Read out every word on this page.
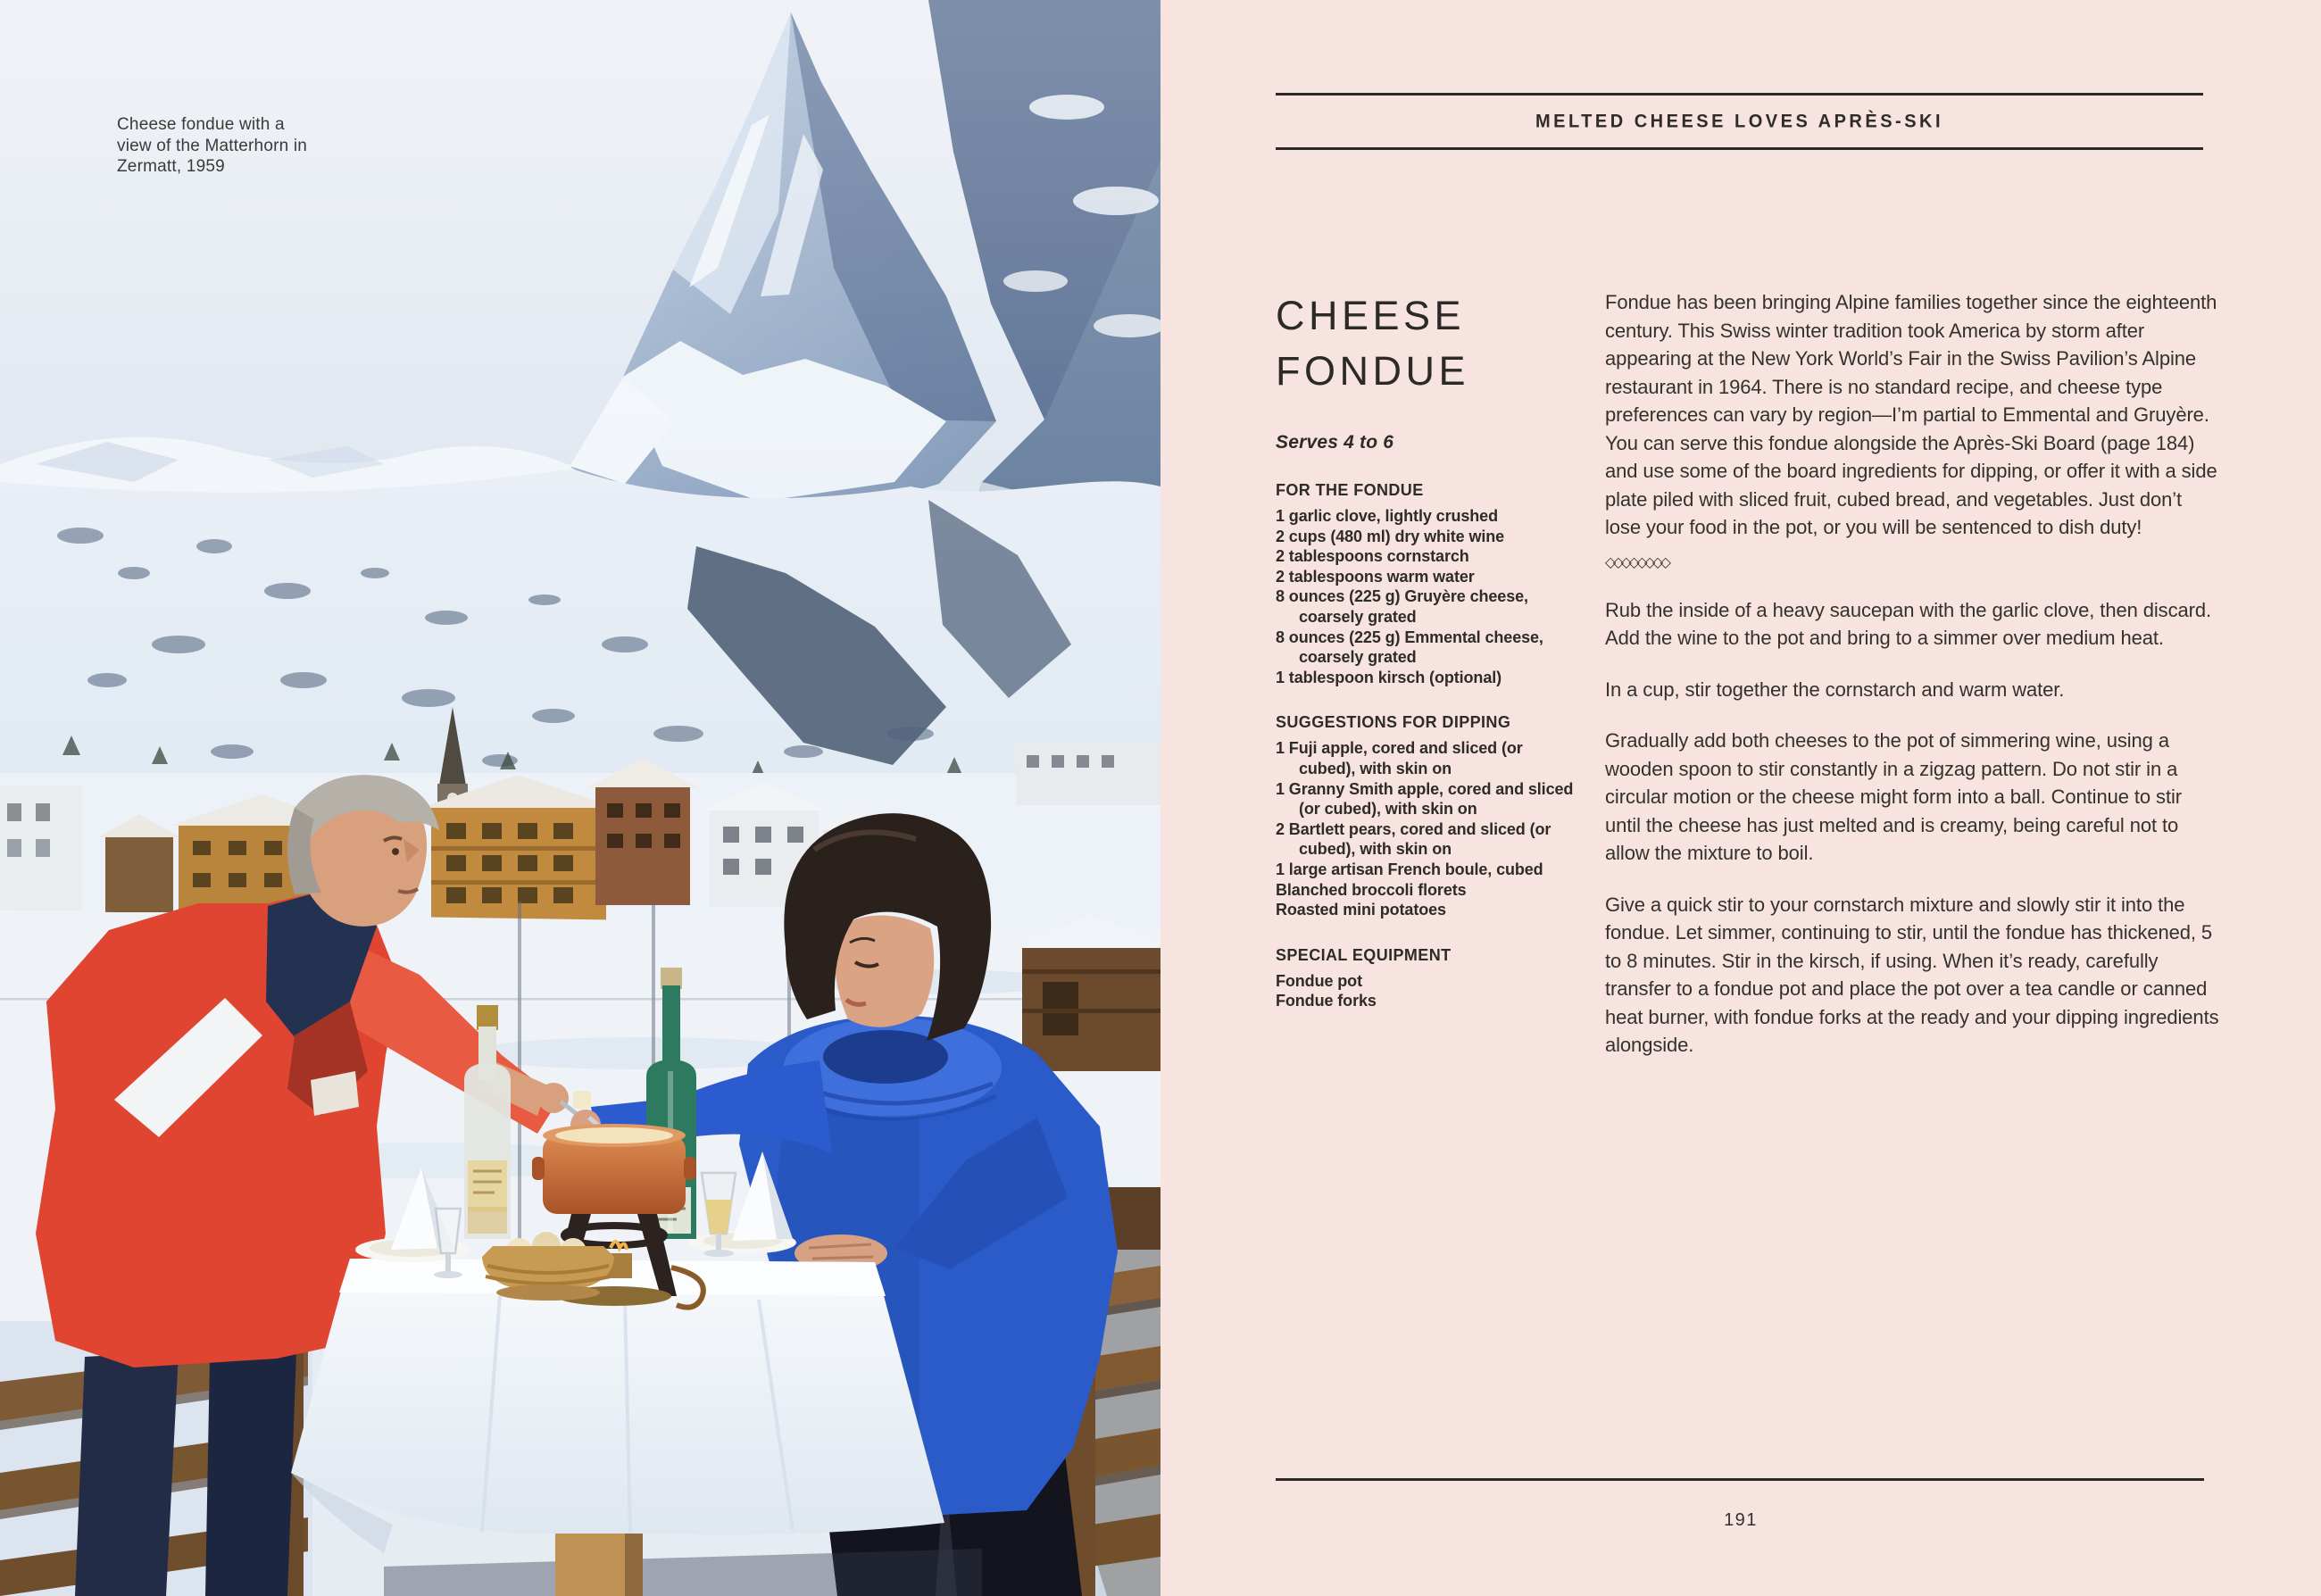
Cheese fondue with a
view of the Matterhorn in
Zermatt, 1959
MELTED CHEESE LOVES APRÈS-SKI
CHEESE
FONDUE

Serves 4 to 6

FOR THE FONDUE
1 garlic clove, lightly crushed
2 cups (480 ml) dry white wine
2 tablespoons cornstarch
2 tablespoons warm water
8 ounces (225 g) Gruyère cheese, coarsely grated
8 ounces (225 g) Emmental cheese, coarsely grated
1 tablespoon kirsch (optional)
SUGGESTIONS FOR DIPPING
1 Fuji apple, cored and sliced (or cubed), with skin on
1 Granny Smith apple, cored and sliced (or cubed), with skin on
2 Bartlett pears, cored and sliced (or cubed), with skin on
1 large artisan French boule, cubed
Blanched broccoli florets
Roasted mini potatoes
SPECIAL EQUIPMENT
Fondue pot
Fondue forks

Fondue has been bringing Alpine families together since the eighteenth century. This Swiss winter tradition took America by storm after appearing at the New York World’s Fair in the Swiss Pavilion’s Alpine restaurant in 1964. There is no standard recipe, and cheese type preferences can vary by region—I’m partial to Emmental and Gruyère. You can serve this fondue alongside the Après-Ski Board (page 184) and use some of the board ingredients for dipping, or offer it with a side plate piled with sliced fruit, cubed bread, and vegetables. Just don’t lose your food in the pot, or you will be sentenced to dish duty!

◇◇◇◇◇◇◇◇

Rub the inside of a heavy saucepan with the garlic clove, then discard. Add the wine to the pot and bring to a simmer over medium heat.

In a cup, stir together the cornstarch and warm water.

Gradually add both cheeses to the pot of simmering wine, using a wooden spoon to stir constantly in a zigzag pattern. Do not stir in a circular motion or the cheese might form into a ball. Continue to stir until the cheese has just melted and is creamy, being careful not to allow the mixture to boil.

Give a quick stir to your cornstarch mixture and slowly stir it into the fondue. Let simmer, continuing to stir, until the fondue has thickened, 5 to 8 minutes. Stir in the kirsch, if using. When it’s ready, carefully transfer to a fondue pot and place the pot over a tea candle or canned heat burner, with fondue forks at the ready and your dipping ingredients alongside.

191
